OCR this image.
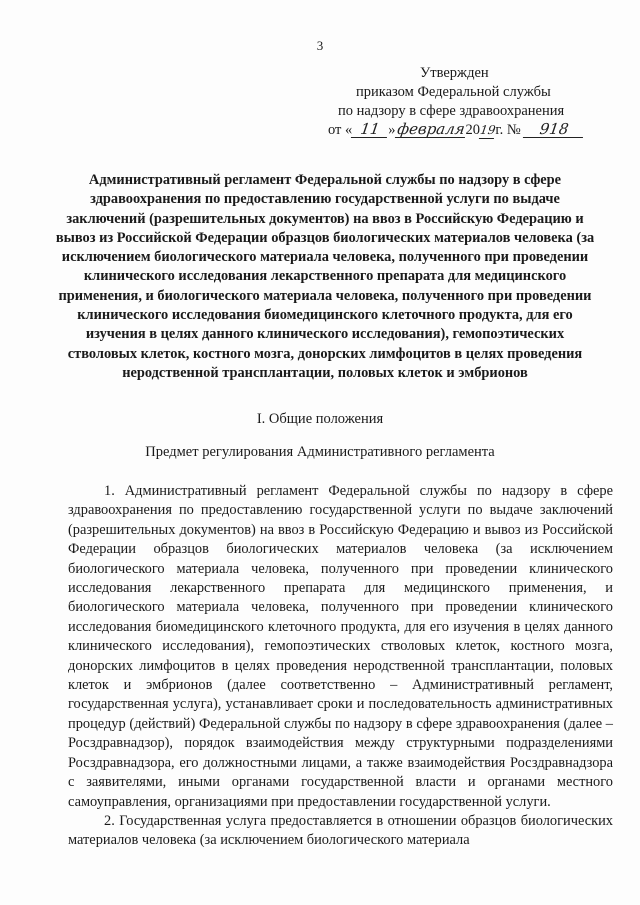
3
Утвержден
приказом Федеральной службы
по надзору в сфере здравоохранения
от « 11 »февраля2019г. № 918
Административный регламент Федеральной службы по надзору в сфере здравоохранения по предоставлению государственной услуги по выдаче заключений (разрешительных документов) на ввоз в Российскую Федерацию и вывоз из Российской Федерации образцов биологических материалов человека (за исключением биологического материала человека, полученного при проведении клинического исследования лекарственного препарата для медицинского применения, и биологического материала человека, полученного при проведении клинического исследования биомедицинского клеточного продукта, для его изучения в целях данного клинического исследования), гемопоэтических стволовых клеток, костного мозга, донорских лимфоцитов в целях проведения неродственной трансплантации, половых клеток и эмбрионов
I. Общие положения
Предмет регулирования Административного регламента

1. Административный регламент Федеральной службы по надзору в сфере здравоохранения по предоставлению государственной услуги по выдаче заключений (разрешительных документов) на ввоз в Российскую Федерацию и вывоз из Российской Федерации образцов биологических материалов человека (за исключением биологического материала человека, полученного при проведении клинического исследования лекарственного препарата для медицинского применения, и биологического материала человека, полученного при проведении клинического исследования биомедицинского клеточного продукта, для его изучения в целях данного клинического исследования), гемопоэтических стволовых клеток, костного мозга, донорских лимфоцитов в целях проведения неродственной трансплантации, половых клеток и эмбрионов (далее соответственно – Административный регламент, государственная услуга), устанавливает сроки и последовательность административных процедур (действий) Федеральной службы по надзору в сфере здравоохранения (далее – Росздравнадзор), порядок взаимодействия между структурными подразделениями Росздравнадзора, его должностными лицами, а также взаимодействия Росздравнадзора с заявителями, иными органами государственной власти и органами местного самоуправления, организациями при предоставлении государственной услуги.

2. Государственная услуга предоставляется в отношении образцов биологических материалов человека (за исключением биологического материала
